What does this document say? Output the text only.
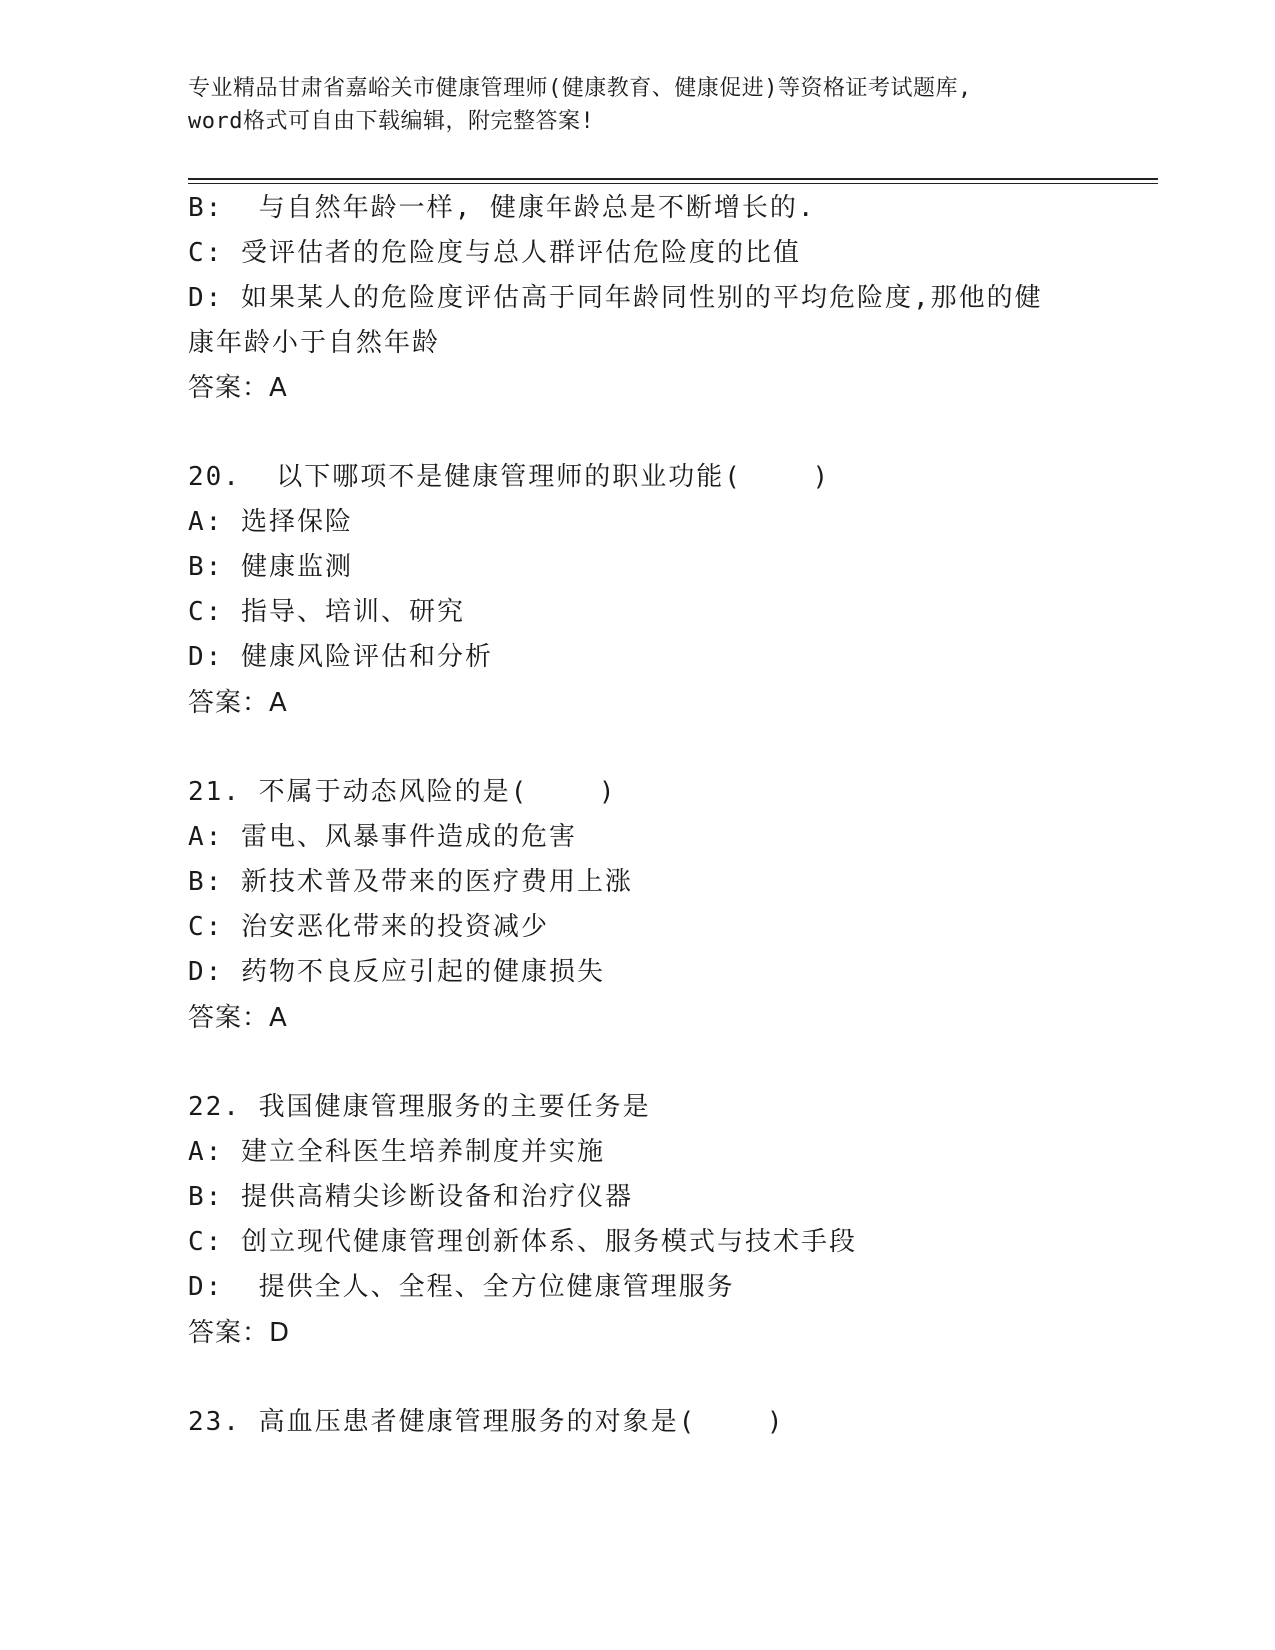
专业精品甘肃省嘉峪关市健康管理师(健康教育、健康促进)等资格证考试题库,
word格式可自由下载编辑，附完整答案!
B:  与自然年龄一样, 健康年龄总是不断增长的.
C: 受评估者的危险度与总人群评估危险度的比值
D: 如果某人的危险度评估高于同年龄同性别的平均危险度,那他的健
康年龄小于自然年龄
答案：A
20.  以下哪项不是健康管理师的职业功能(    )
A: 选择保险
B: 健康监测
C: 指导、培训、研究
D: 健康风险评估和分析
答案：A
21. 不属于动态风险的是(    )
A: 雷电、风暴事件造成的危害
B: 新技术普及带来的医疗费用上涨
C: 治安恶化带来的投资减少
D: 药物不良反应引起的健康损失
答案：A
22. 我国健康管理服务的主要任务是
A: 建立全科医生培养制度并实施
B: 提供高精尖诊断设备和治疗仪器
C: 创立现代健康管理创新体系、服务模式与技术手段
D:  提供全人、全程、全方位健康管理服务
答案：D
23. 高血压患者健康管理服务的对象是(    )
